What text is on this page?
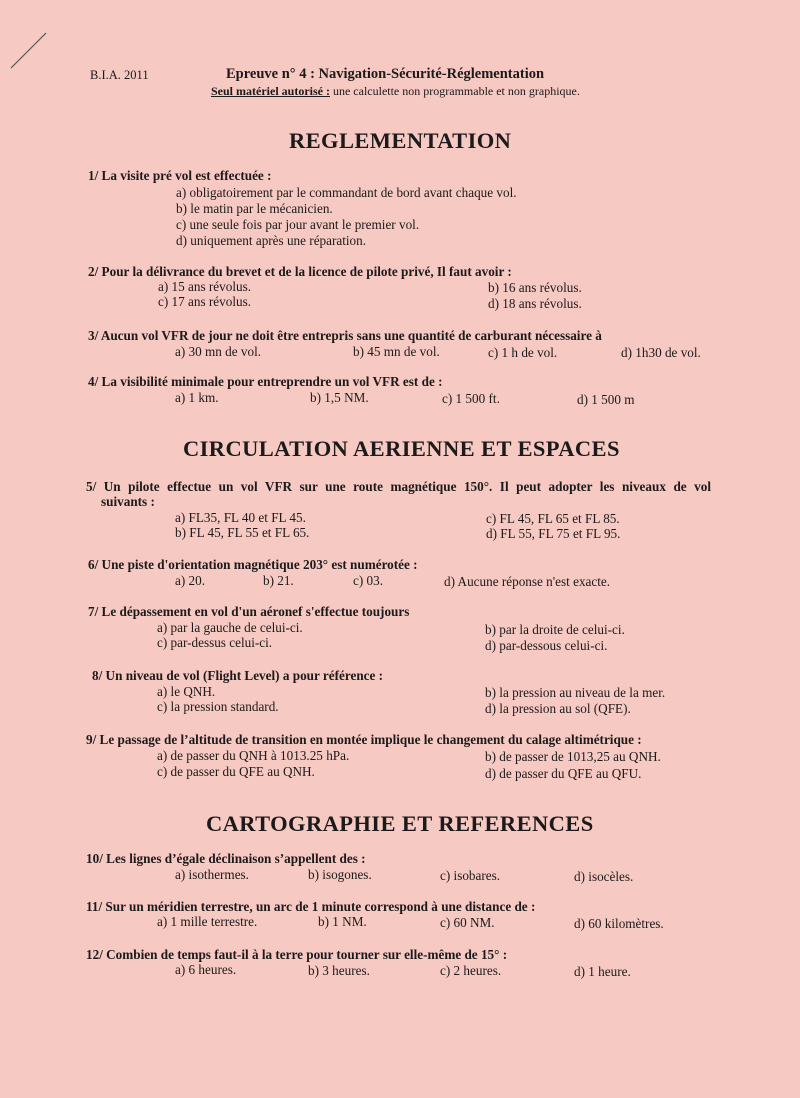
B.I.A. 2011	Epreuve n° 4 : Navigation-Sécurité-Réglementation
Seul matériel autorisé : une calculette non programmable et non graphique.
REGLEMENTATION
1/ La visite pré vol est effectuée :
a) obligatoirement par le commandant de bord avant chaque vol.
b) le matin par le mécanicien.
c) une seule fois par jour avant le premier vol.
d) uniquement après une réparation.
2/ Pour la délivrance du brevet et de la licence de pilote privé, Il faut avoir :
a) 15 ans révolus.	b) 16 ans révolus.
c) 17 ans révolus.	d) 18 ans révolus.
3/ Aucun vol VFR de jour ne doit être entrepris sans une quantité de carburant nécessaire à
a) 30 mn de vol.	b) 45 mn de vol.	c) 1 h de vol.	d) 1h30 de vol.
4/ La visibilité minimale pour entreprendre un vol VFR est de :
a) 1 km.	b) 1,5 NM.	c) 1 500 ft.	d) 1 500 m
CIRCULATION AERIENNE ET ESPACES
5/ Un pilote effectue un vol VFR sur une route magnétique 150°. Il peut adopter les niveaux de vol
suivants :
a) FL35, FL 40 et FL 45.
b) FL 45, FL 55 et FL 65.
c) FL 45, FL 65 et FL 85.
d) FL 55, FL 75 et FL 95.
6/ Une piste d'orientation magnétique 203° est numérotée :
a) 20.	b) 21.	c) 03.	d) Aucune réponse n'est exacte.
7/ Le dépassement en vol d'un aéronef s'effectue toujours
a) par la gauche de celui-ci.	b) par la droite de celui-ci.
c) par-dessus celui-ci.	d) par-dessous celui-ci.
8/ Un niveau de vol (Flight Level) a pour référence :
a) le QNH.	b) la pression au niveau de la mer.
c) la pression standard.	d) la pression au sol (QFE).
9/ Le passage de l’altitude de transition en montée implique le changement du calage altimétrique :
a) de passer du QNH à 1013.25 hPa.	b) de passer de 1013,25 au QNH.
c) de passer du QFE au QNH.	d) de passer du QFE au QFU.
CARTOGRAPHIE ET REFERENCES
10/ Les lignes d’égale déclinaison s’appellent des :
a) isothermes.	b) isogones.	c) isobares.	d) isocèles.
11/ Sur un méridien terrestre, un arc de 1 minute correspond à une distance de :
a) 1 mille terrestre.	b) 1 NM.	c) 60 NM.	d) 60 kilomètres.
12/ Combien de temps faut-il à la terre pour tourner sur elle-même de 15° :
a) 6 heures.	b) 3 heures.	c) 2 heures.	d) 1 heure.
